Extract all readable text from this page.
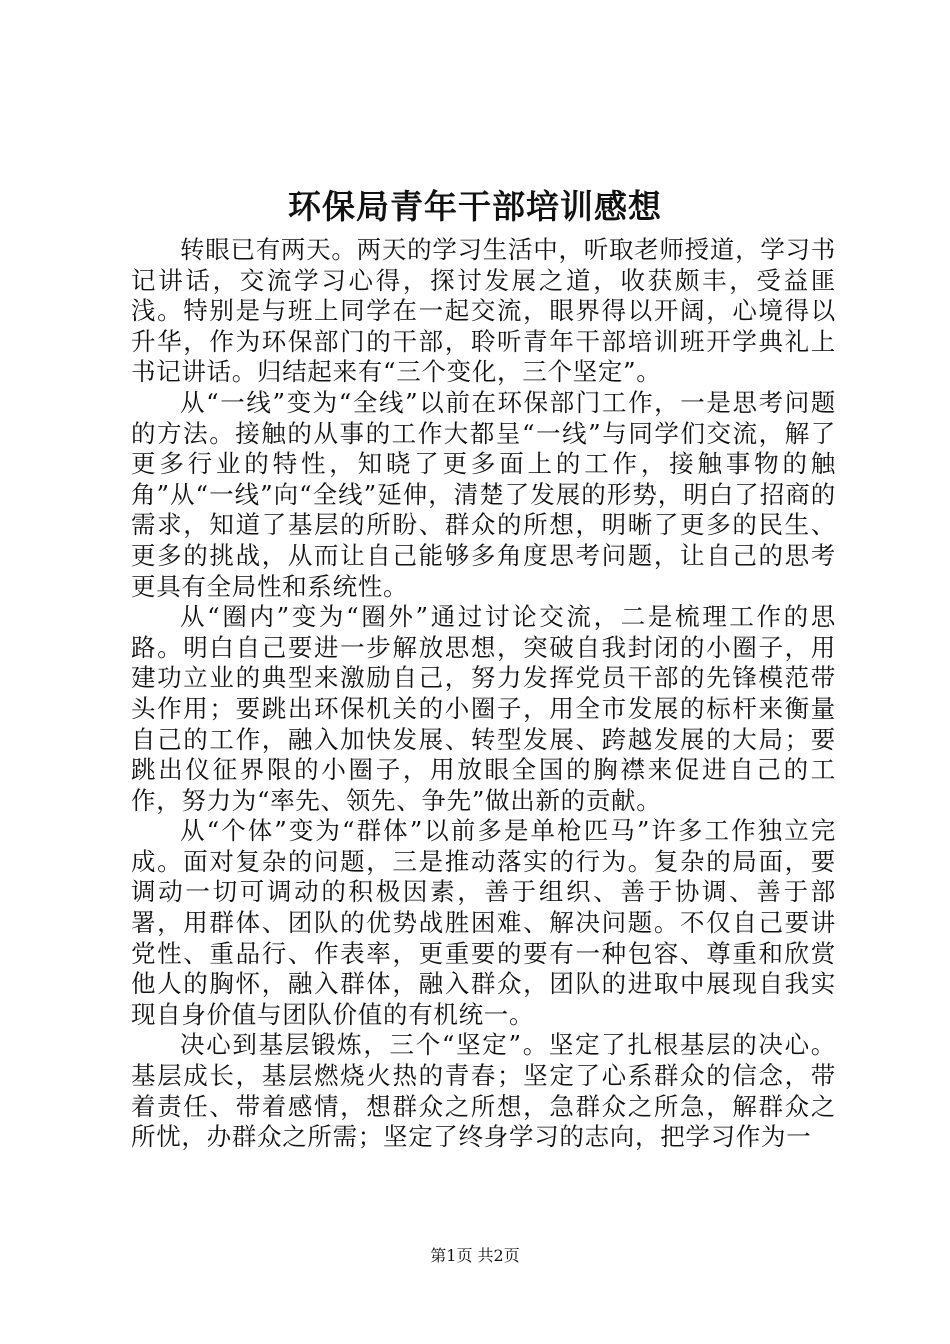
环保局青年干部培训感想

转眼已有两天。两天的学习生活中，听取老师授道，学习书记讲话，交流学习心得，探讨发展之道，收获颇丰，受益匪浅。特别是与班上同学在一起交流，眼界得以开阔，心境得以升华，作为环保部门的干部，聆听青年干部培训班开学典礼上书记讲话。归结起来有“三个变化，三个坚定”。

从“一线”变为“全线”以前在环保部门工作，一是思考问题的方法。接触的从事的工作大都呈“一线”与同学们交流，解了更多行业的特性，知晓了更多面上的工作，接触事物的触角”从“一线”向“全线”延伸，清楚了发展的形势，明白了招商的需求，知道了基层的所盼、群众的所想，明晰了更多的民生、更多的挑战，从而让自己能够多角度思考问题，让自己的思考更具有全局性和系统性。

从“圈内”变为“圈外”通过讨论交流，二是梳理工作的思路。明白自己要进一步解放思想，突破自我封闭的小圈子，用建功立业的典型来激励自己，努力发挥党员干部的先锋模范带头作用；要跳出环保机关的小圈子，用全市发展的标杆来衡量自己的工作，融入加快发展、转型发展、跨越发展的大局；要跳出仪征界限的小圈子，用放眼全国的胸襟来促进自己的工作，努力为“率先、领先、争先”做出新的贡献。

从“个体”变为“群体”以前多是单枪匹马”许多工作独立完成。面对复杂的问题，三是推动落实的行为。复杂的局面，要调动一切可调动的积极因素，善于组织、善于协调、善于部署，用群体、团队的优势战胜困难、解决问题。不仅自己要讲党性、重品行、作表率，更重要的要有一种包容、尊重和欣赏他人的胸怀，融入群体，融入群众，团队的进取中展现自我实现自身价值与团队价值的有机统一。

决心到基层锻炼，三个“坚定”。坚定了扎根基层的决心。基层成长，基层燃烧火热的青春；坚定了心系群众的信念，带着责任、带着感情，想群众之所想，急群众之所急，解群众之所忧，办群众之所需；坚定了终身学习的志向，把学习作为一

第1页 共2页
